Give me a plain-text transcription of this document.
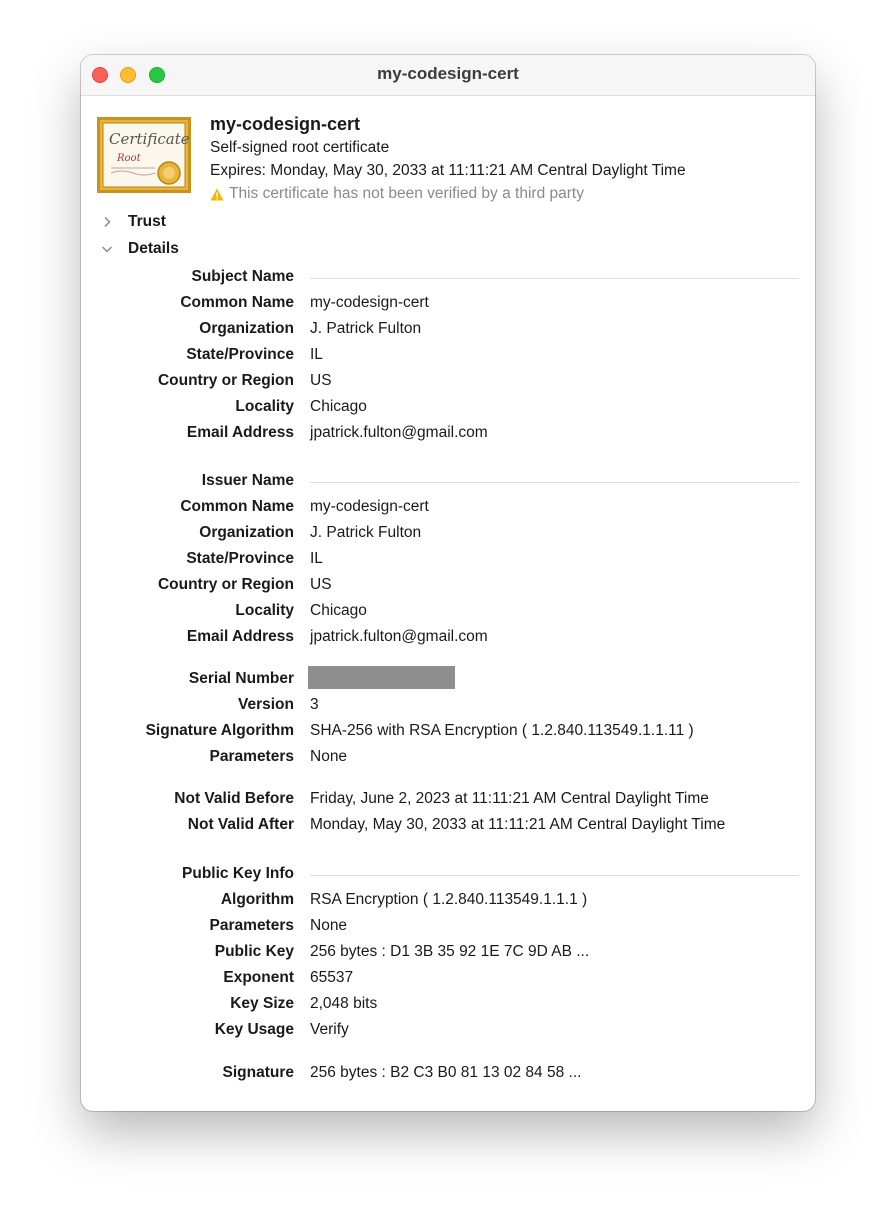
my-codesign-cert
Certificate
Root
my-codesign-cert
Self-signed root certificate
Expires: Monday, May 30, 2033 at 11:11:21 AM Central Daylight Time
This certificate has not been verified by a third party
Trust
Details
Subject Name
Common Name my-codesign-cert
Organization J. Patrick Fulton
State/Province IL
Country or Region US
Locality Chicago
Email Address jpatrick.fulton@gmail.com
Issuer Name
Common Name my-codesign-cert
Organization J. Patrick Fulton
State/Province IL
Country or Region US
Locality Chicago
Email Address jpatrick.fulton@gmail.com
Serial Number
Version 3
Signature Algorithm SHA-256 with RSA Encryption ( 1.2.840.113549.1.1.11 )
Parameters None
Not Valid Before Friday, June 2, 2023 at 11:11:21 AM Central Daylight Time
Not Valid After Monday, May 30, 2033 at 11:11:21 AM Central Daylight Time
Public Key Info
Algorithm RSA Encryption ( 1.2.840.113549.1.1.1 )
Parameters None
Public Key 256 bytes : D1 3B 35 92 1E 7C 9D AB ...
Exponent 65537
Key Size 2,048 bits
Key Usage Verify
Signature 256 bytes : B2 C3 B0 81 13 02 84 58 ...
